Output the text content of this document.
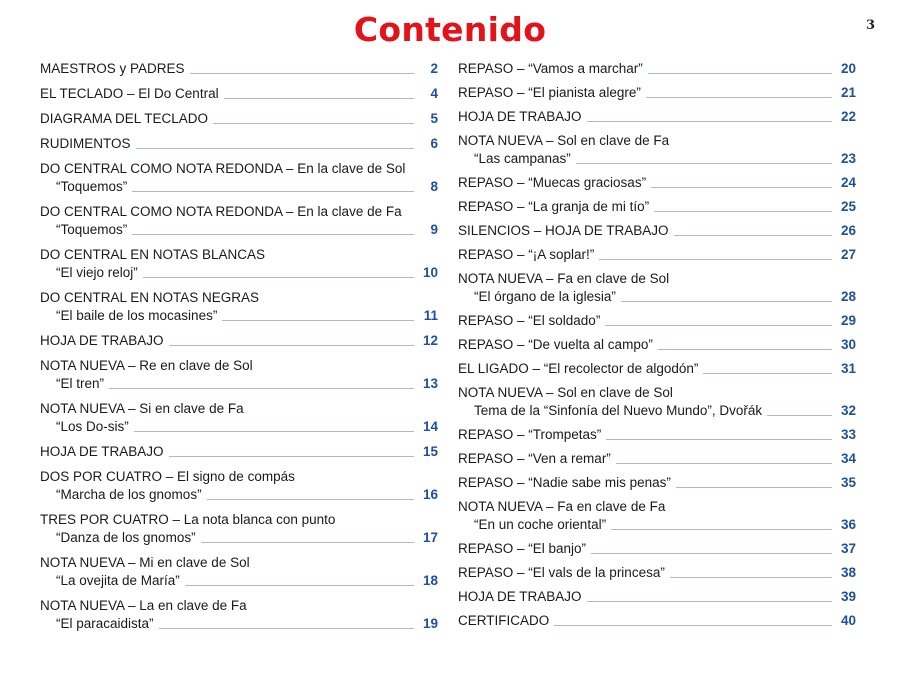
Contenido	3
MAESTROS y PADRES	2
EL TECLADO – El Do Central	4
DIAGRAMA DEL TECLADO	5
RUDIMENTOS	6
DO CENTRAL COMO NOTA REDONDA – En la clave de Sol
“Toquemos”	8
DO CENTRAL COMO NOTA REDONDA – En la clave de Fa
“Toquemos”	9
DO CENTRAL EN NOTAS BLANCAS
“El viejo reloj”	10
DO CENTRAL EN NOTAS NEGRAS
“El baile de los mocasines”	11
HOJA DE TRABAJO	12
NOTA NUEVA – Re en clave de Sol
“El tren”	13
NOTA NUEVA – Si en clave de Fa
“Los Do-sis”	14
HOJA DE TRABAJO	15
DOS POR CUATRO – El signo de compás
“Marcha de los gnomos”	16
TRES POR CUATRO – La nota blanca con punto
“Danza de los gnomos”	17
NOTA NUEVA – Mi en clave de Sol
“La ovejita de María”	18
NOTA NUEVA – La en clave de Fa
“El paracaidista”	19
REPASO – “Vamos a marchar”	20
REPASO – “El pianista alegre”	21
HOJA DE TRABAJO	22
NOTA NUEVA – Sol en clave de Fa
“Las campanas”	23
REPASO – “Muecas graciosas”	24
REPASO – “La granja de mi tío”	25
SILENCIOS – HOJA DE TRABAJO	26
REPASO – “¡A soplar!”	27
NOTA NUEVA – Fa en clave de Sol
“El órgano de la iglesia”	28
REPASO – “El soldado”	29
REPASO – “De vuelta al campo”	30
EL LIGADO – “El recolector de algodón”	31
NOTA NUEVA – Sol en clave de Sol
Tema de la “Sinfonía del Nuevo Mundo”, Dvořák	32
REPASO – “Trompetas”	33
REPASO – “Ven a remar”	34
REPASO – “Nadie sabe mis penas”	35
NOTA NUEVA – Fa en clave de Fa
“En un coche oriental”	36
REPASO – “El banjo”	37
REPASO – “El vals de la princesa”	38
HOJA DE TRABAJO	39
CERTIFICADO	40
